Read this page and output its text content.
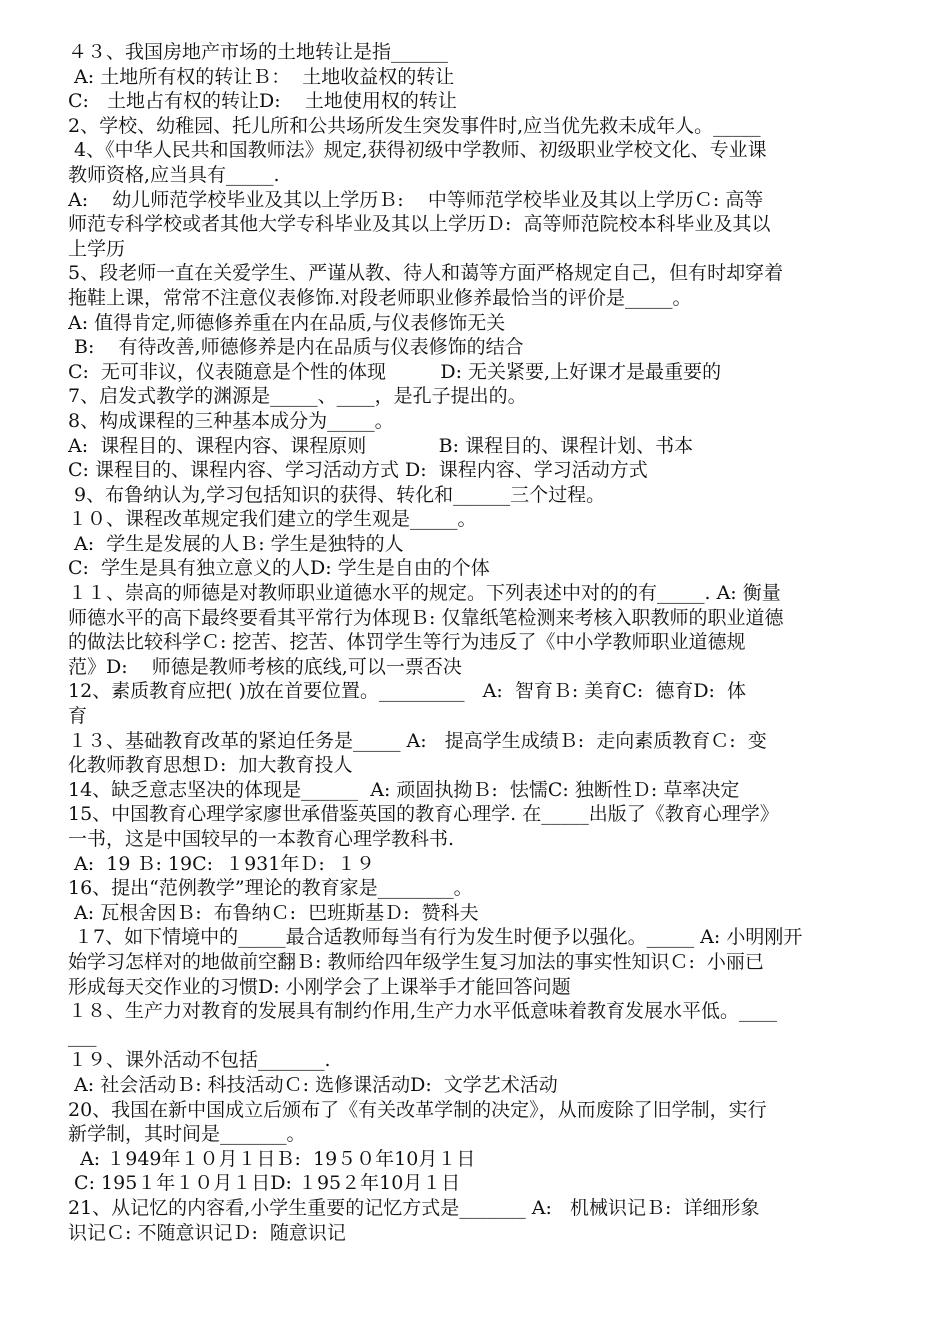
４３、我国房地产市场的土地转让是指______
A: 土地所有权的转让Ｂ：  土地收益权的转让
C:   土地占有权的转让D:    土地使用权的转让
2、学校、幼稚园、托儿所和公共场所发生突发事件时,应当优先救未成年人。_____
4、《中华人民共和国教师法》规定,获得初级中学教师、初级职业学校文化、专业课
教师资格,应当具有_____.
A:    幼儿师范学校毕业及其以上学历Ｂ:    中等师范学校毕业及其以上学历Ｃ: 高等
师范专科学校或者其他大学专科毕业及其以上学历Ｄ:  高等师范院校本科毕业及其以
上学历
5、段老师一直在关爱学生、严谨从教、待人和蔼等方面严格规定自己，但有时却穿着
拖鞋上课，常常不注意仪表修饰.对段老师职业修养最恰当的评价是_____。
A: 值得肯定,师德修养重在内在品质,与仪表修饰无关
B:    有待改善,师德修养是内在品质与仪表修饰的结合
C:  无可非议，仪表随意是个性的体现         D: 无关紧要,上好课才是最重要的
7、启发式教学的渊源是_____、____，是孔子提出的。
8、构成课程的三种基本成分为_____。
A:  课程目的、课程内容、课程原则            B: 课程目的、课程计划、书本
C: 课程目的、课程内容、学习活动方式 D:  课程内容、学习活动方式
9、布鲁纳认为,学习包括知识的获得、转化和______三个过程。
１０、课程改革规定我们建立的学生观是_____。
A:  学生是发展的人Ｂ: 学生是独特的人
C:  学生是具有独立意义的人D: 学生是自由的个体
１１、崇高的师德是对教师职业道德水平的规定。下列表述中对的的有_____. A: 衡量
师德水平的高下最终要看其平常行为体现Ｂ: 仅靠纸笔检测来考核入职教师的职业道德
的做法比较科学Ｃ: 挖苦、挖苦、体罚学生等行为违反了《中小学教师职业道德规
范》D:    师德是教师考核的底线,可以一票否决
12、素质教育应把( )放在首要位置。_________   A:  智育Ｂ: 美育C:  德育D:  体
育
１３、基础教育改革的紧迫任务是_____ A:   提高学生成绩Ｂ:  走向素质教育Ｃ:  变
化教师教育思想Ｄ:  加大教育投人
14、缺乏意志坚决的体现是______  A: 顽固执拗Ｂ:  怯懦C: 独断性Ｄ: 草率决定
15、中国教育心理学家廖世承借鉴英国的教育心理学. 在_____出版了《教育心理学》
一书，这是中国较早的一本教育心理学教科书.
A:  19 Ｂ: 19C:  １931年Ｄ:  １９
16、提出“范例教学”理论的教育家是________。
A: 瓦根舍因Ｂ:  布鲁纳Ｃ:  巴班斯基Ｄ:  赞科夫
１7、如下情境中的_____最合适教师每当有行为发生时便予以强化。_____ A: 小明刚开
始学习怎样对的地做前空翻Ｂ: 教师给四年级学生复习加法的事实性知识Ｃ:  小丽已
形成每天交作业的习惯D: 小刚学会了上课举手才能回答问题
１８、生产力对教育的发展具有制约作用,生产力水平低意味着教育发展水平低。____
___
１９、课外活动不包括_______.
A: 社会活动Ｂ: 科技活动Ｃ: 选修课活动D:  文学艺术活动
20、我国在新中国成立后颁布了《有关改革学制的决定》，从而废除了旧学制，实行
新学制，其时间是_______。
A: １949年１０月１日Ｂ:  19５０年10月１日
C: 195１年１０月１日D: １95２年10月１日
21、从记忆的内容看,小学生重要的记忆方式是_______ A:   机械识记Ｂ:  详细形象
识记Ｃ: 不随意识记Ｄ:  随意识记
